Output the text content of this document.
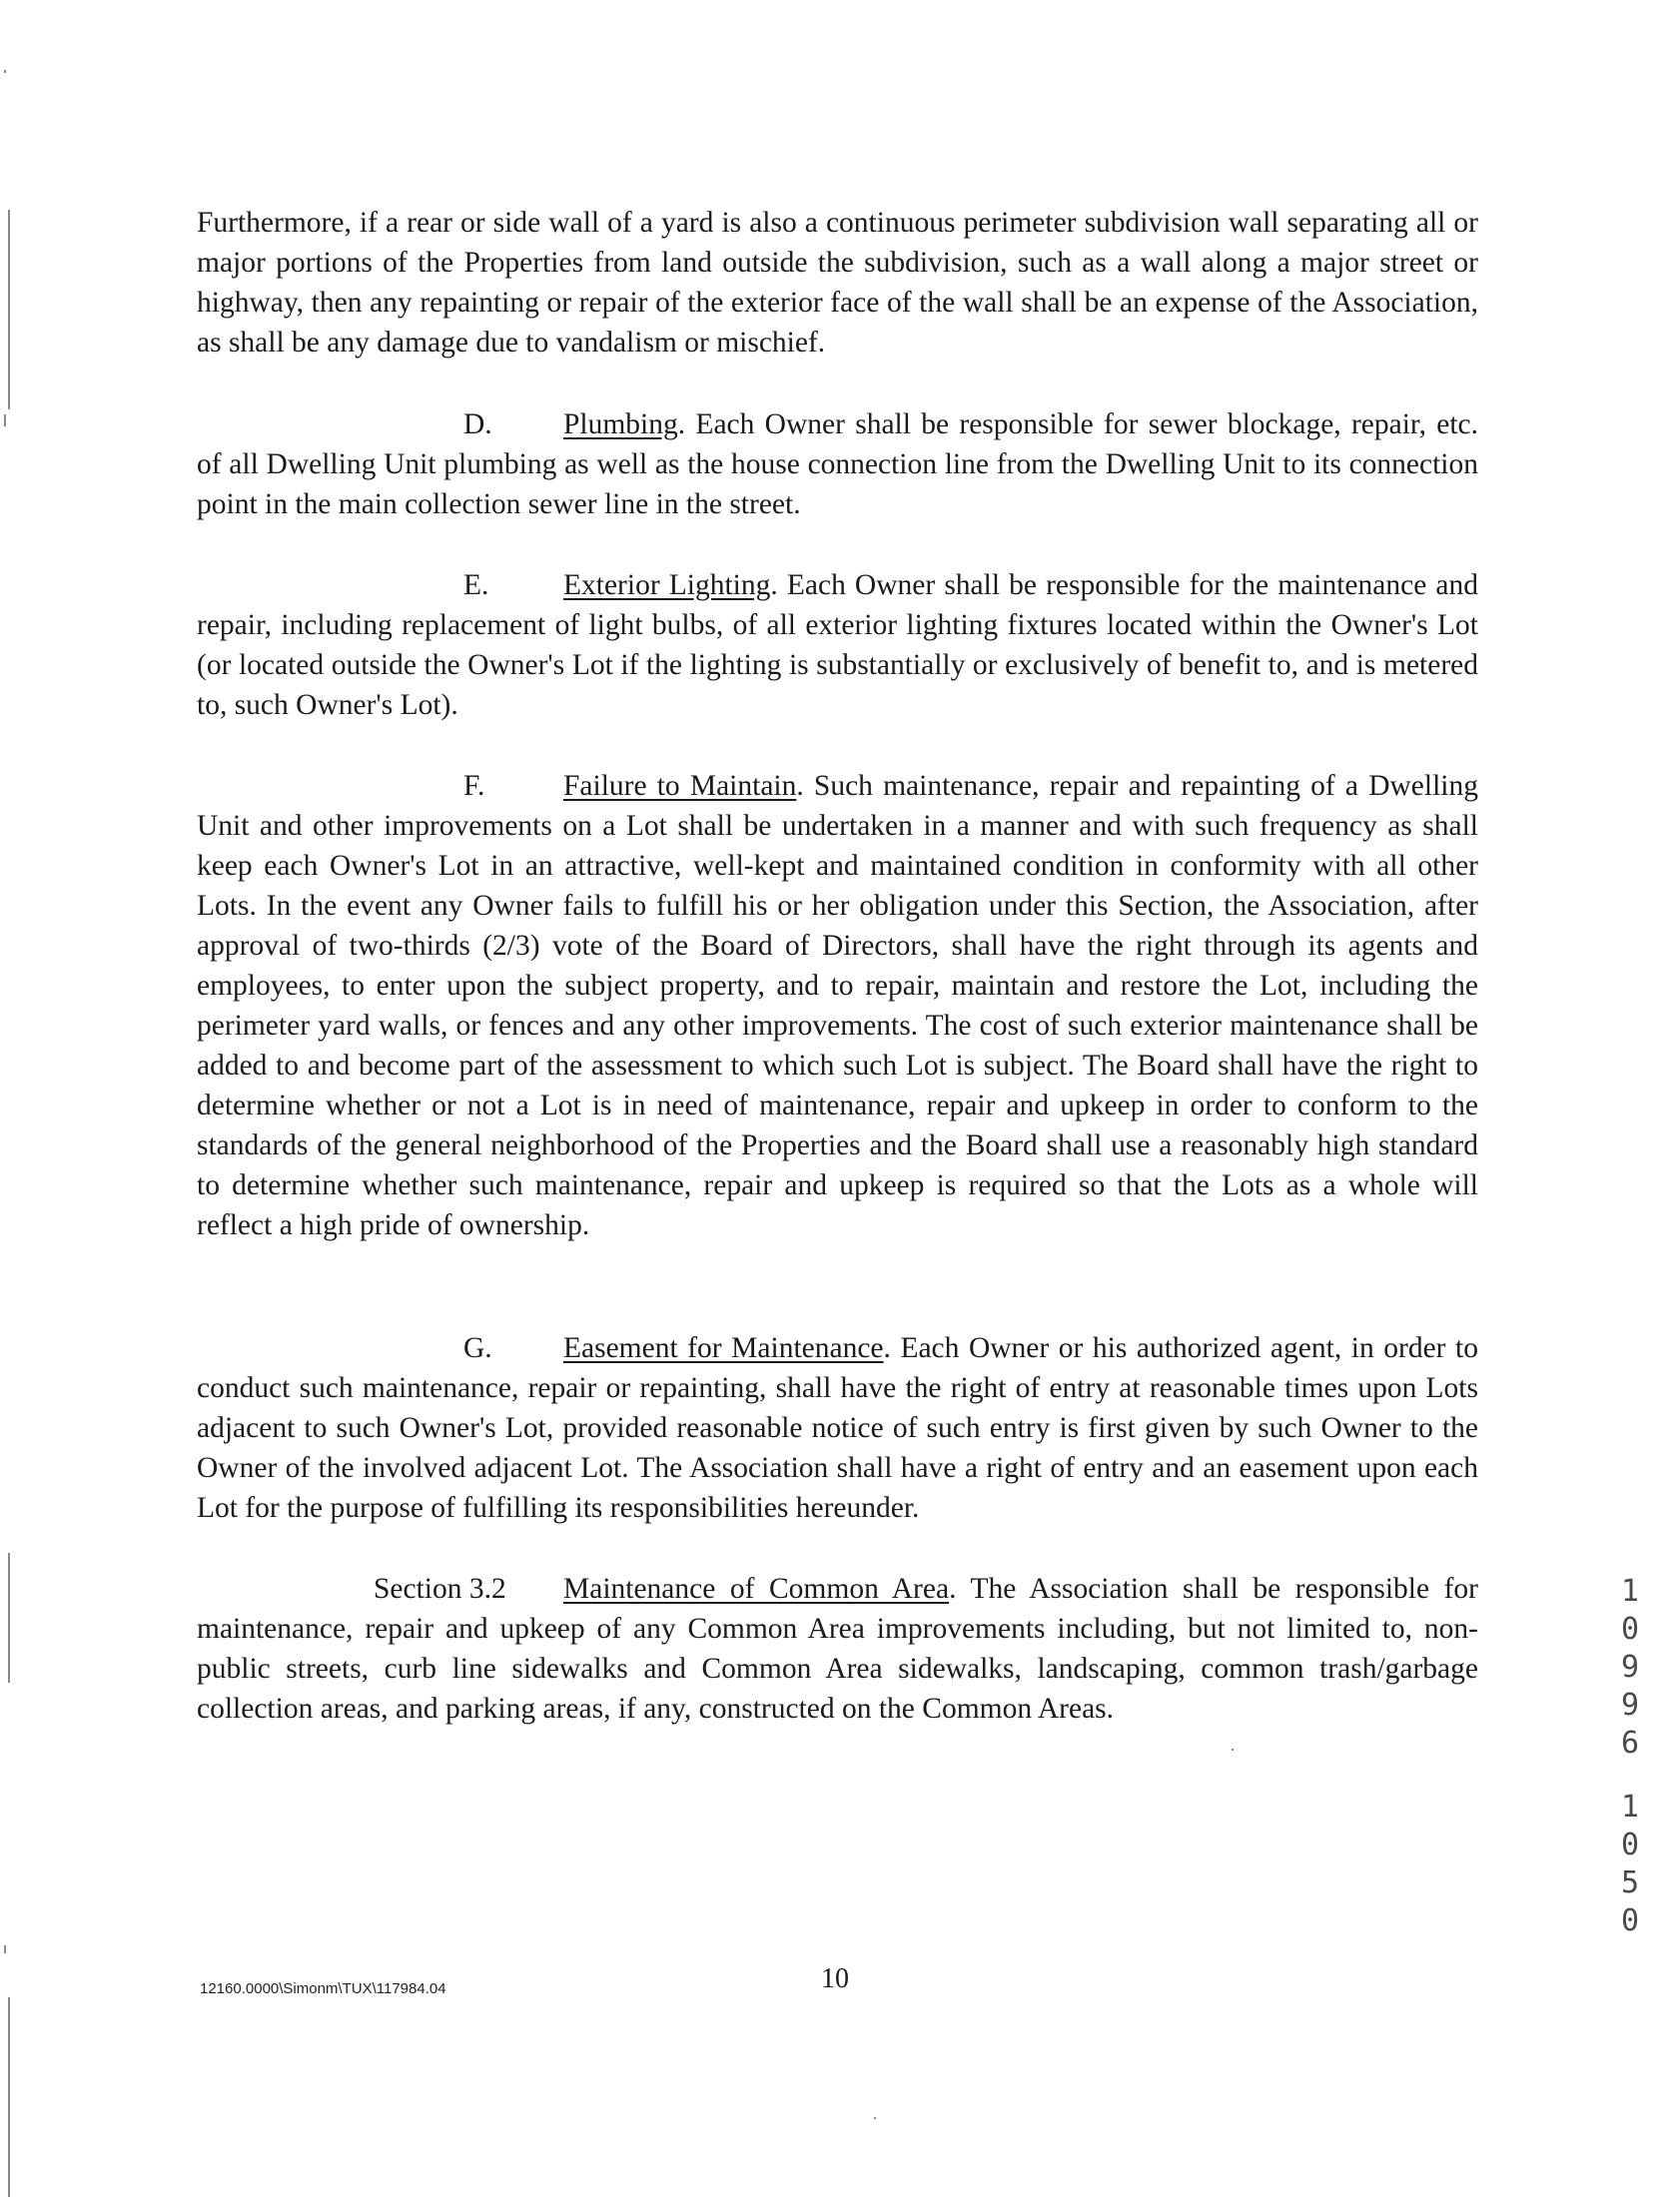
Furthermore, if a rear or side wall of a yard is also a continuous perimeter subdivision wall separating all or major portions of the Properties from land outside the subdivision, such as a wall along a major street or highway, then any repainting or repair of the exterior face of the wall shall be an expense of the Association, as shall be any damage due to vandalism or mischief.

D. Plumbing. Each Owner shall be responsible for sewer blockage, repair, etc. of all Dwelling Unit plumbing as well as the house connection line from the Dwelling Unit to its connection point in the main collection sewer line in the street.

E.	Exterior Lighting. Each Owner shall be responsible for the maintenance and repair, including replacement of light bulbs, of all exterior lighting fixtures located within the Owner's Lot (or located outside the Owner's Lot if the lighting is substantially or exclusively of benefit to, and is metered to, such Owner's Lot).

F.	Failure to Maintain. Such maintenance, repair and repainting of a Dwelling Unit and other improvements on a Lot shall be undertaken in a manner and with such frequency as shall keep each Owner's Lot in an attractive, well-kept and maintained condition in conformity with all other Lots. In the event any Owner fails to fulfill his or her obligation under this Section, the Association, after approval of two-thirds (2/3) vote of the Board of Directors, shall have the right through its agents and employees, to enter upon the subject property, and to repair, maintain and restore the Lot, including the perimeter yard walls, or fences and any other improvements. The cost of such exterior maintenance shall be added to and become part of the assessment to which such Lot is subject. The Board shall have the right to determine whether or not a Lot is in need of maintenance, repair and upkeep in order to conform to the standards of the general neighborhood of the Properties and the Board shall use a reasonably high standard to determine whether such maintenance, repair and upkeep is required so that the Lots as a whole will reflect a high pride of ownership.

G. Easement for Maintenance. Each Owner or his authorized agent, in order to conduct such maintenance, repair or repainting, shall have the right of entry at reasonable times upon Lots adjacent to such Owner's Lot, provided reasonable notice of such entry is first given by such Owner to the Owner of the involved adjacent Lot. The Association shall have a right of entry and an easement upon each Lot for the purpose of fulfilling its responsibilities hereunder.

Section 3.2 Maintenance of Common Area. The Association shall be responsible for maintenance, repair and upkeep of any Common Area improvements including, but not limited to, non-public streets, curb line sidewalks and Common Area sidewalks, landscaping, common trash/garbage collection areas, and parking areas, if any, constructed on the Common Areas.

12160.0000\Simonm\TUX\117984.04	10
1
0
9
9
6
1
0
5
0
